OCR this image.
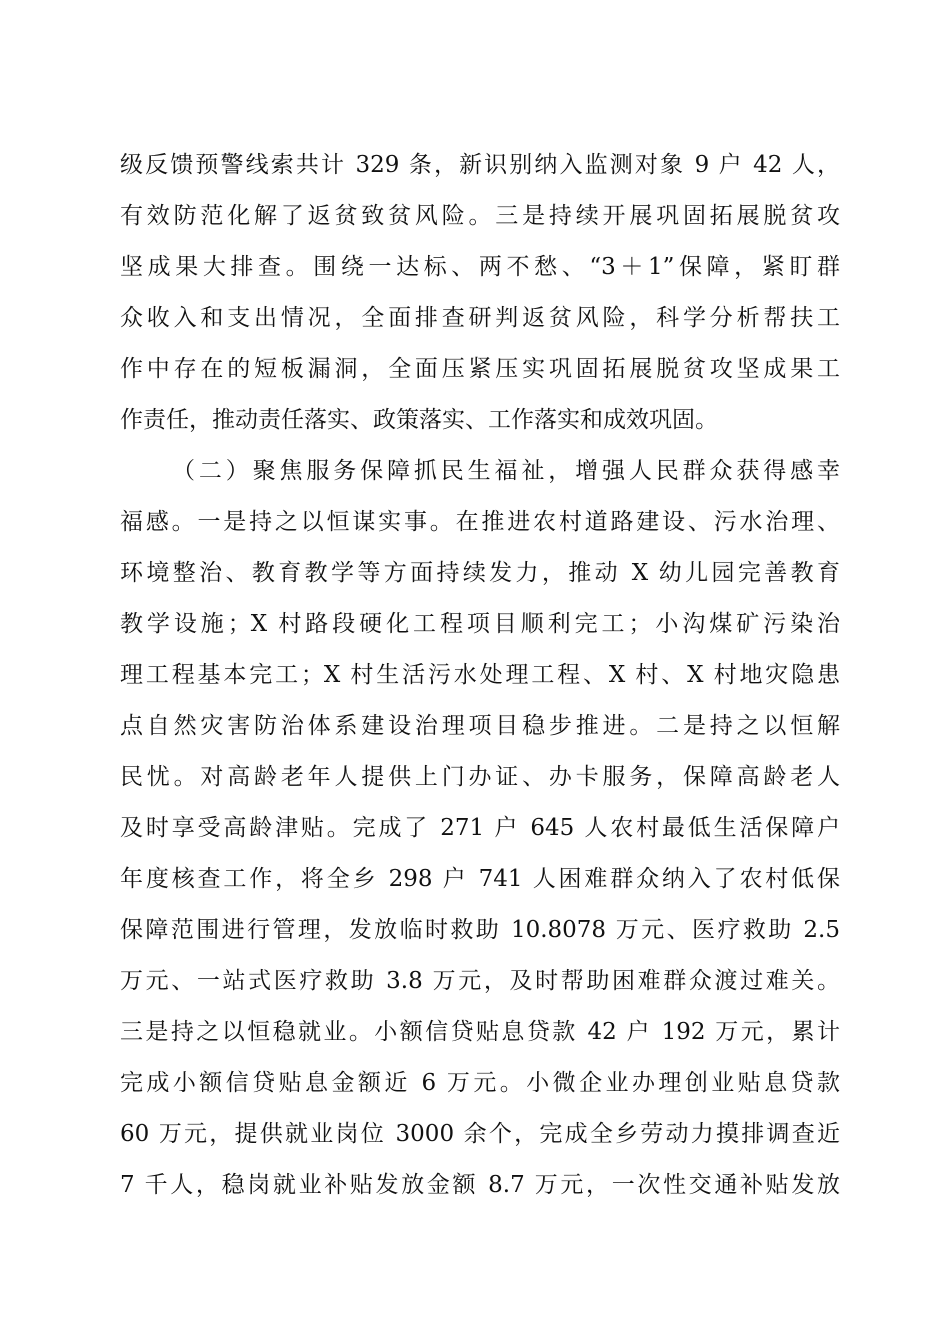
级反馈预警线索共计 329 条，新识别纳入监测对象 9 户 42 人，
有效防范化解了返贫致贫风险。三是持续开展巩固拓展脱贫攻
坚成果大排查。围绕一达标、两不愁、“3＋1”保障，紧盯群
众收入和支出情况，全面排查研判返贫风险，科学分析帮扶工
作中存在的短板漏洞，全面压紧压实巩固拓展脱贫攻坚成果工
作责任，推动责任落实、政策落实、工作落实和成效巩固。
（二）聚焦服务保障抓民生福祉，增强人民群众获得感幸
福感。一是持之以恒谋实事。在推进农村道路建设、污水治理、
环境整治、教育教学等方面持续发力，推动 X 幼儿园完善教育
教学设施；X 村路段硬化工程项目顺利完工；小沟煤矿污染治
理工程基本完工；X 村生活污水处理工程、X 村、X 村地灾隐患
点自然灾害防治体系建设治理项目稳步推进。二是持之以恒解
民忧。对高龄老年人提供上门办证、办卡服务，保障高龄老人
及时享受高龄津贴。完成了 271 户 645 人农村最低生活保障户
年度核查工作，将全乡 298 户 741 人困难群众纳入了农村低保
保障范围进行管理，发放临时救助 10.8078 万元、医疗救助 2.5
万元、一站式医疗救助 3.8 万元，及时帮助困难群众渡过难关。
三是持之以恒稳就业。小额信贷贴息贷款 42 户 192 万元，累计
完成小额信贷贴息金额近 6 万元。小微企业办理创业贴息贷款
60 万元，提供就业岗位 3000 余个，完成全乡劳动力摸排调查近
7 千人，稳岗就业补贴发放金额 8.7 万元，一次性交通补贴发放
